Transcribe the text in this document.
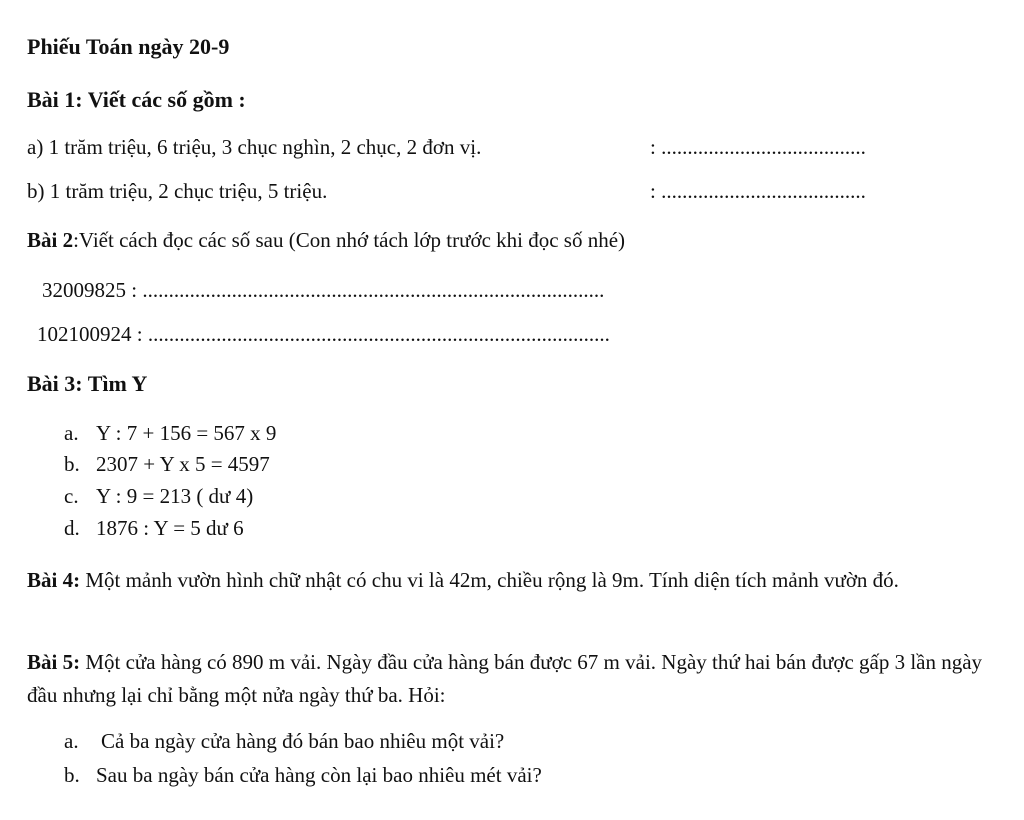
Phiếu Toán ngày 20-9
Bài 1: Viết các số gồm :
a) 1 trăm triệu, 6 triệu, 3 chục nghìn, 2 chục, 2 đơn vị.	: .......................................
b) 1 trăm triệu, 2 chục triệu, 5 triệu.	: .......................................
Bài 2:Viết cách đọc các số sau (Con nhớ tách lớp trước khi đọc số nhé)
32009825 : ........................................................................................
102100924 : ........................................................................................
Bài 3: Tìm Y
a. Y : 7 + 156 = 567 x 9
b. 2307 + Y x 5 = 4597
c. Y : 9 = 213 ( dư 4)
d. 1876 : Y = 5 dư 6
Bài 4: Một mảnh vườn hình chữ nhật có chu vi là 42m, chiều rộng là 9m. Tính diện tích mảnh vườn đó.
Bài 5: Một cửa hàng có 890 m vải. Ngày đầu cửa hàng bán được 67 m vải. Ngày thứ hai bán được gấp 3 lần ngày đầu nhưng lại chỉ bằng một nửa ngày thứ ba. Hỏi:
a. Cả ba ngày cửa hàng đó bán bao nhiêu một vải?
b. Sau ba ngày bán cửa hàng còn lại bao nhiêu mét vải?
